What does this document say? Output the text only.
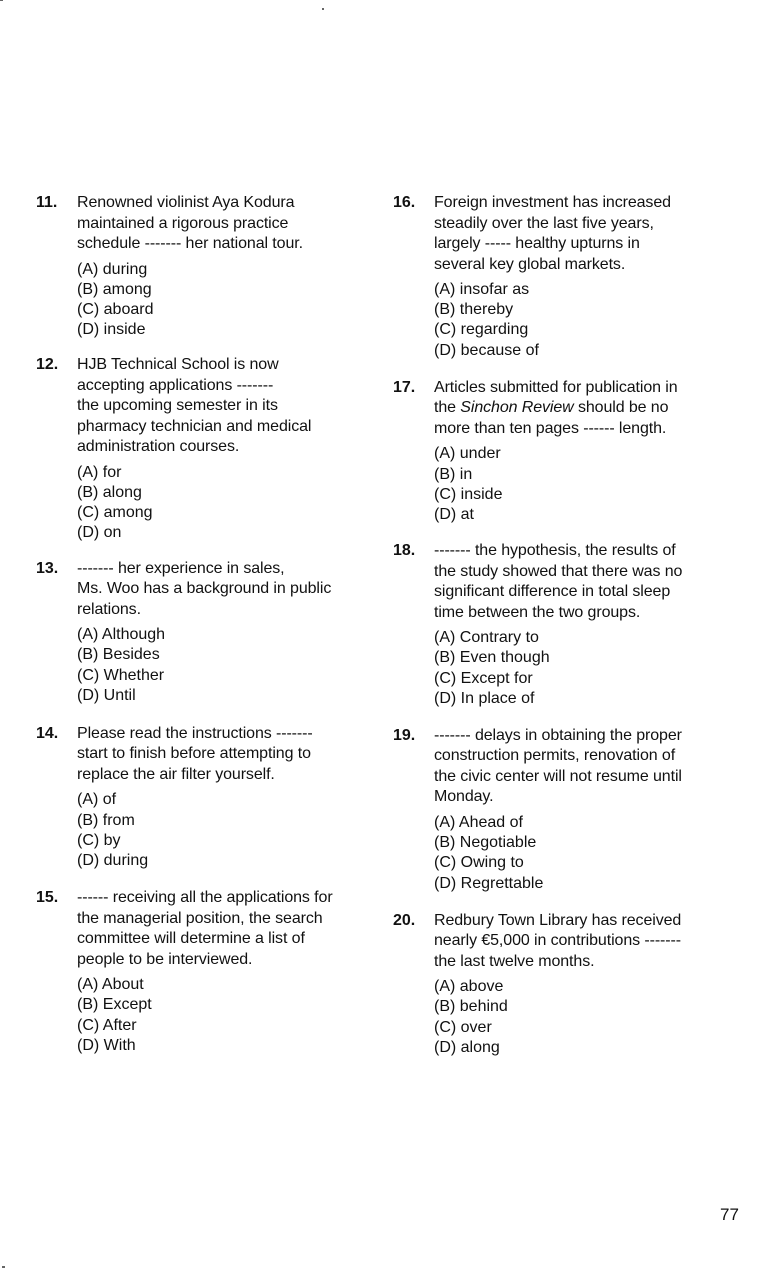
11. Renowned violinist Aya Kodura
maintained a rigorous practice
schedule ------- her national tour.
(A) during
(B) among
(C) aboard
(D) inside
12. HJB Technical School is now
accepting applications -------
the upcoming semester in its
pharmacy technician and medical
administration courses.
(A) for
(B) along
(C) among
(D) on
13. ------- her experience in sales,
Ms. Woo has a background in public
relations.
(A) Although
(B) Besides
(C) Whether
(D) Until
14. Please read the instructions -------
start to finish before attempting to
replace the air filter yourself.
(A) of
(B) from
(C) by
(D) during
15. ------ receiving all the applications for
the managerial position, the search
committee will determine a list of
people to be interviewed.
(A) About
(B) Except
(C) After
(D) With
16. Foreign investment has increased
steadily over the last five years,
largely ----- healthy upturns in
several key global markets.
(A) insofar as
(B) thereby
(C) regarding
(D) because of
17. Articles submitted for publication in
the Sinchon Review should be no
more than ten pages ------ length.
(A) under
(B) in
(C) inside
(D) at
18. ------- the hypothesis, the results of
the study showed that there was no
significant difference in total sleep
time between the two groups.
(A) Contrary to
(B) Even though
(C) Except for
(D) In place of
19. ------- delays in obtaining the proper
construction permits, renovation of
the civic center will not resume until
Monday.
(A) Ahead of
(B) Negotiable
(C) Owing to
(D) Regrettable
20. Redbury Town Library has received
nearly €5,000 in contributions -------
the last twelve months.
(A) above
(B) behind
(C) over
(D) along
77
